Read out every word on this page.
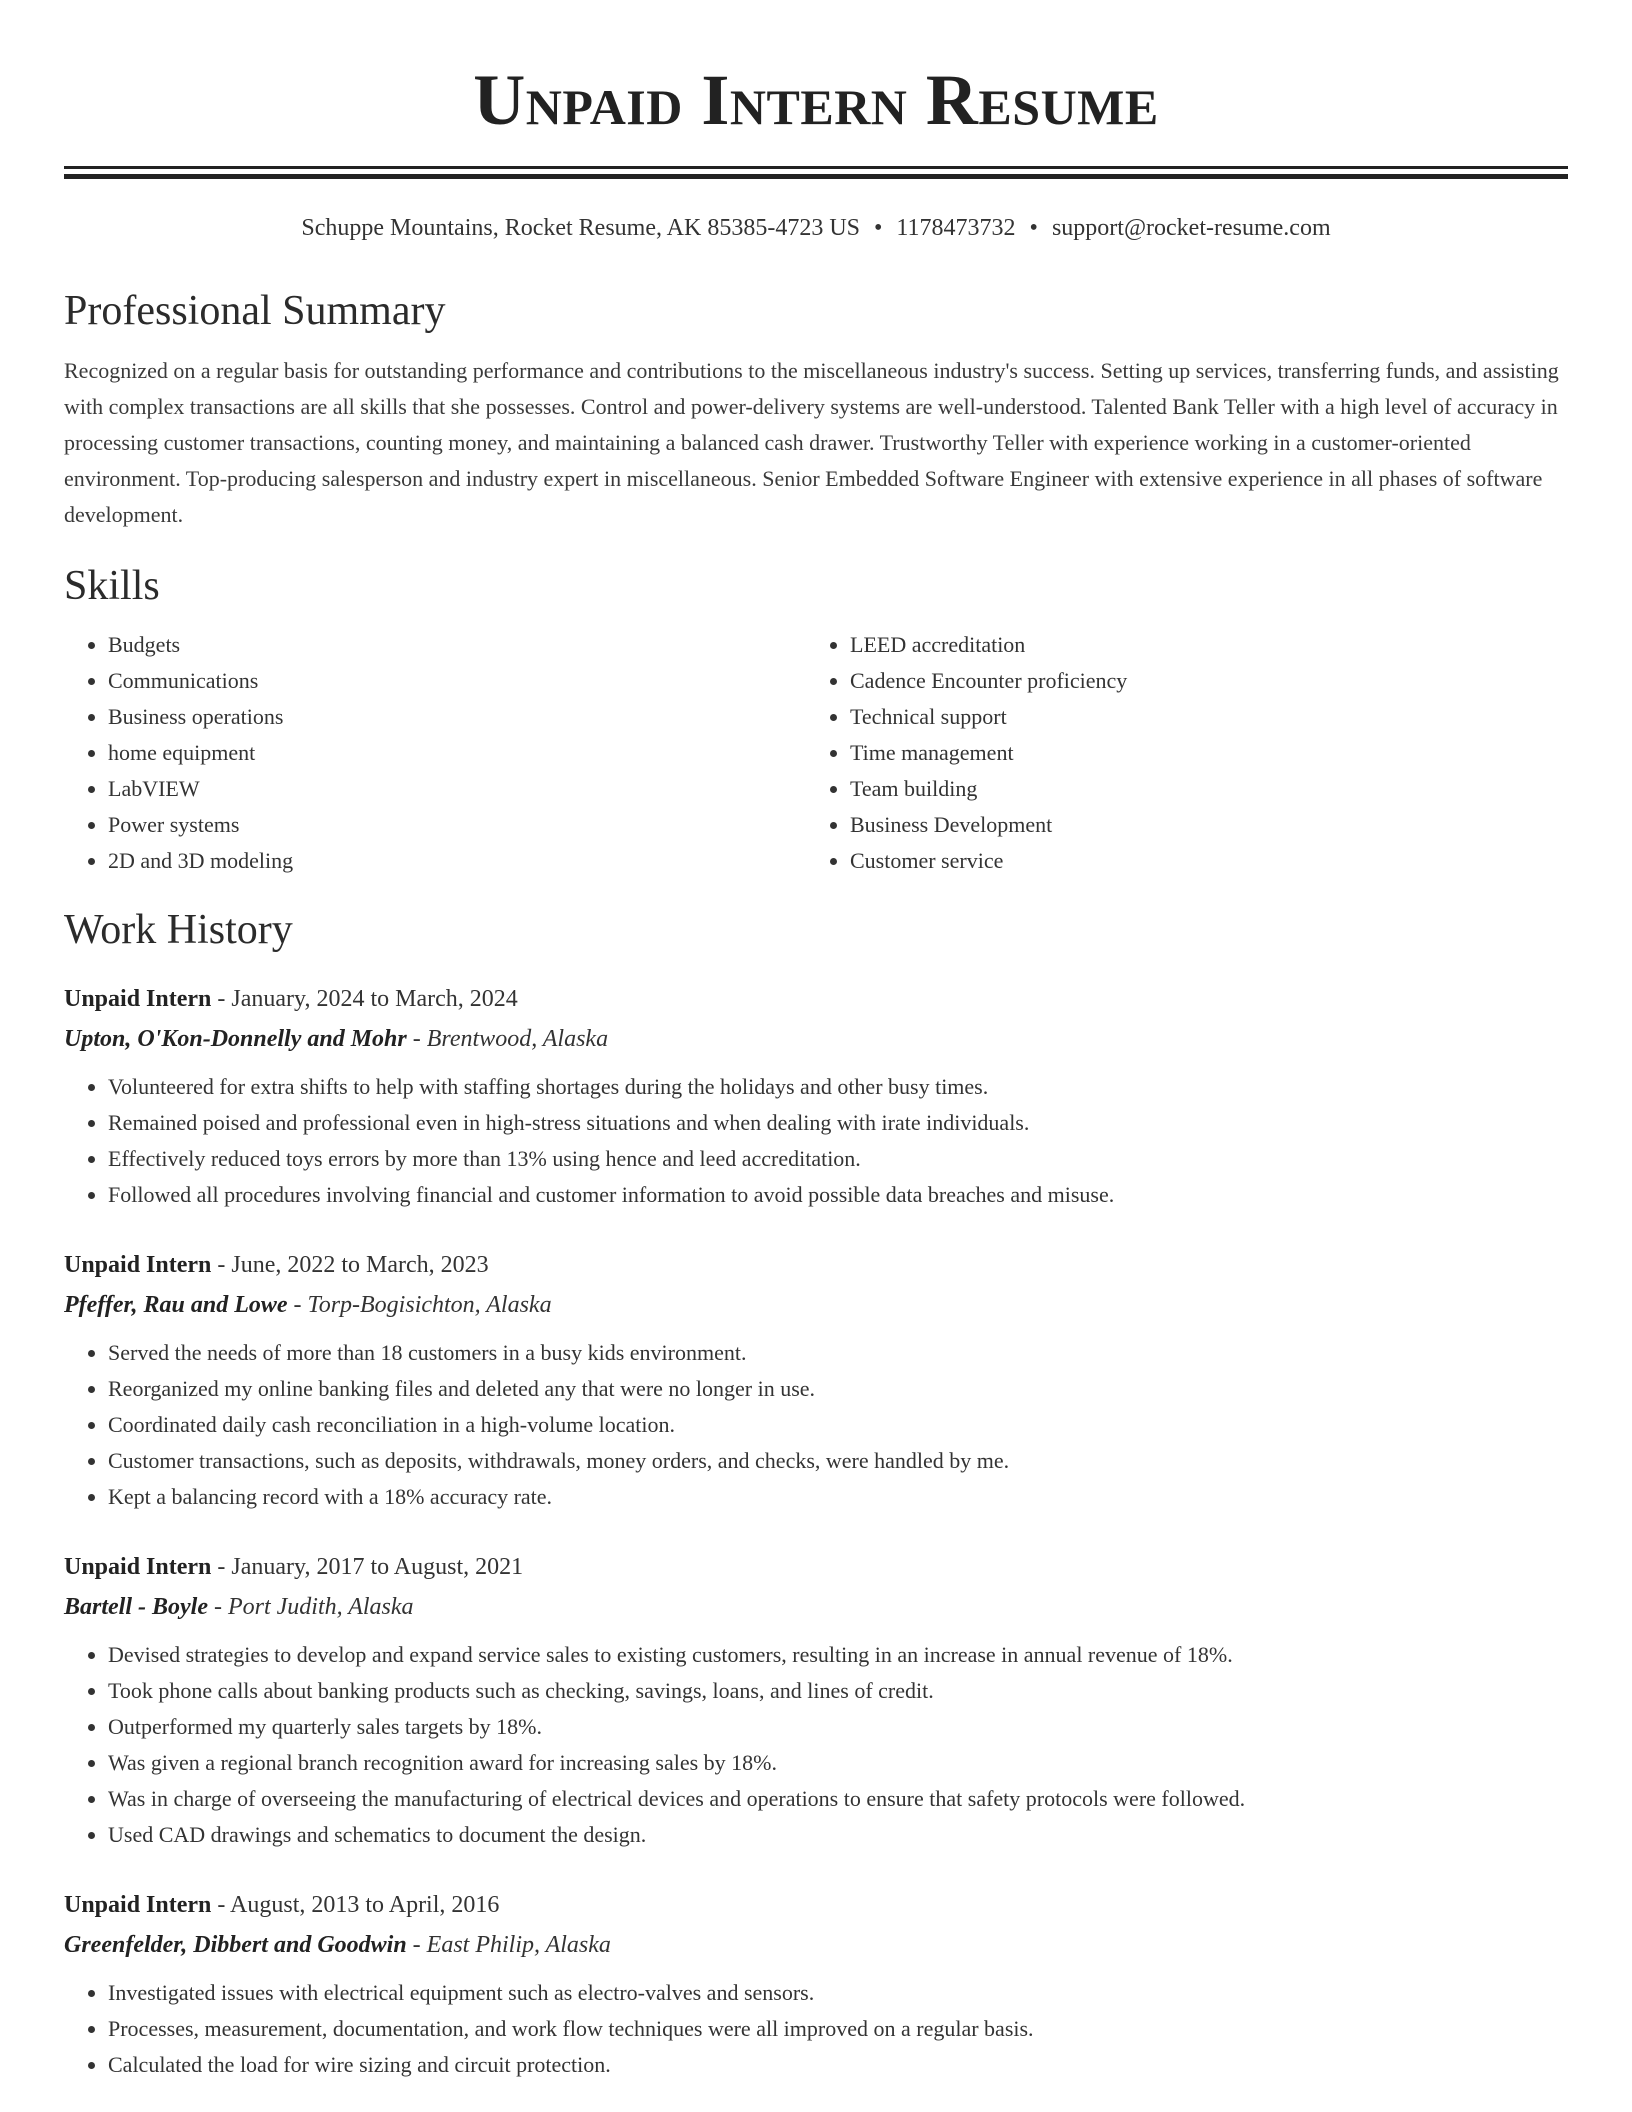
Unpaid Intern Resume
Schuppe Mountains, Rocket Resume, AK 85385-4723 US • 1178473732 • support@rocket-resume.com
Professional Summary

Recognized on a regular basis for outstanding performance and contributions to the miscellaneous industry's success. Setting up services, transferring funds, and assisting with complex transactions are all skills that she possesses. Control and power-delivery systems are well-understood. Talented Bank Teller with a high level of accuracy in processing customer transactions, counting money, and maintaining a balanced cash drawer. Trustworthy Teller with experience working in a customer-oriented environment. Top-producing salesperson and industry expert in miscellaneous. Senior Embedded Software Engineer with extensive experience in all phases of software development.

Skills
• Budgets
• Communications
• Business operations
• home equipment
• LabVIEW
• Power systems
• 2D and 3D modeling
• LEED accreditation
• Cadence Encounter proficiency
• Technical support
• Time management
• Team building
• Business Development
• Customer service
Work History
Unpaid Intern - January, 2024 to March, 2024
Upton, O'Kon-Donnelly and Mohr - Brentwood, Alaska
• Volunteered for extra shifts to help with staffing shortages during the holidays and other busy times.
• Remained poised and professional even in high-stress situations and when dealing with irate individuals.
• Effectively reduced toys errors by more than 13% using hence and leed accreditation.
• Followed all procedures involving financial and customer information to avoid possible data breaches and misuse.
Unpaid Intern - June, 2022 to March, 2023
Pfeffer, Rau and Lowe - Torp-Bogisichton, Alaska
• Served the needs of more than 18 customers in a busy kids environment.
• Reorganized my online banking files and deleted any that were no longer in use.
• Coordinated daily cash reconciliation in a high-volume location.
• Customer transactions, such as deposits, withdrawals, money orders, and checks, were handled by me.
• Kept a balancing record with a 18% accuracy rate.
Unpaid Intern - January, 2017 to August, 2021
Bartell - Boyle - Port Judith, Alaska
• Devised strategies to develop and expand service sales to existing customers, resulting in an increase in annual revenue of 18%.
• Took phone calls about banking products such as checking, savings, loans, and lines of credit.
• Outperformed my quarterly sales targets by 18%.
• Was given a regional branch recognition award for increasing sales by 18%.
• Was in charge of overseeing the manufacturing of electrical devices and operations to ensure that safety protocols were followed.
• Used CAD drawings and schematics to document the design.
Unpaid Intern - August, 2013 to April, 2016
Greenfelder, Dibbert and Goodwin - East Philip, Alaska
• Investigated issues with electrical equipment such as electro-valves and sensors.
• Processes, measurement, documentation, and work flow techniques were all improved on a regular basis.
• Calculated the load for wire sizing and circuit protection.
